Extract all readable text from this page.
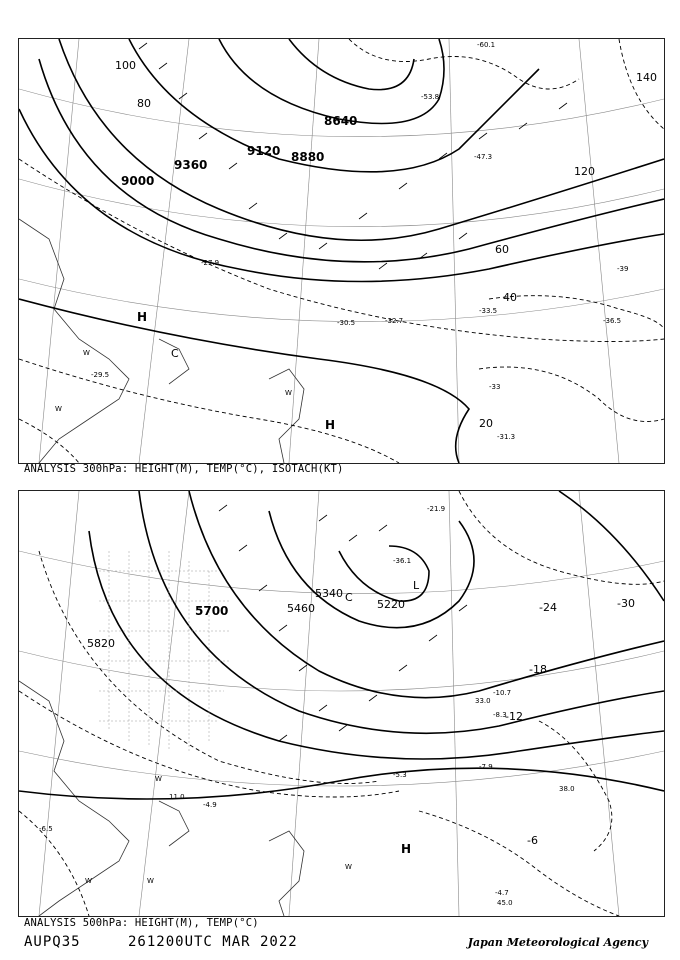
8640
8880
9360
9000
9120
100
80
60
40
20
120
140
-27.9
-29.5
-30.5	-32.7
-33.5
-36.5
-47.3
-53.8
-60.1
-39
-33
-31.3
H
H
C
W
W
W
ANALYSIS 300hPa: HEIGHT(M), TEMP(°C), ISOTACH(KT)
5700	5460
5340
5220
5820
-30
-24
-18
-12
-6
-36.1
-21.9
-10.7
-8.3
-7.9
-5.3
-4.7
-6.5
-4.9
33.0
38.0
45.0
11.0
H
C
L
W
W
W
W
ANALYSIS 500hPa: HEIGHT(M), TEMP(°C)
AUPQ35	261200UTC MAR 2022	Japan Meteorological Agency
